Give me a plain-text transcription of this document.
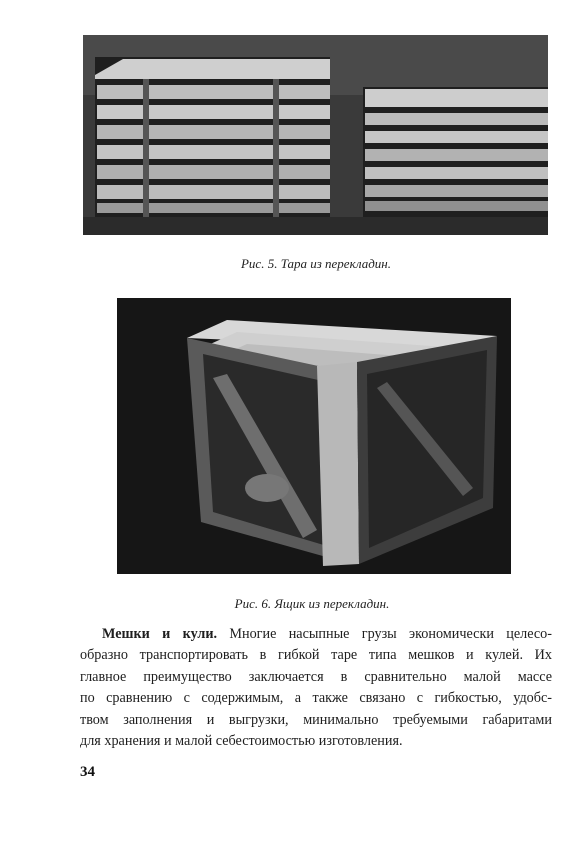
Рис. 5. Тара из перекладин.
Рис. 6. Ящик из перекладин.
Мешки и кули. Многие насыпные грузы экономически целесо-
образно транспортировать в гибкой таре типа мешков и кулей. Их
главное преимущество заключается в сравнительно малой массе
по сравнению с содержимым, а также связано с гибкостью, удобс-
твом заполнения и выгрузки, минимально требуемыми габаритами
для хранения и малой себестоимостью изготовления.
34
